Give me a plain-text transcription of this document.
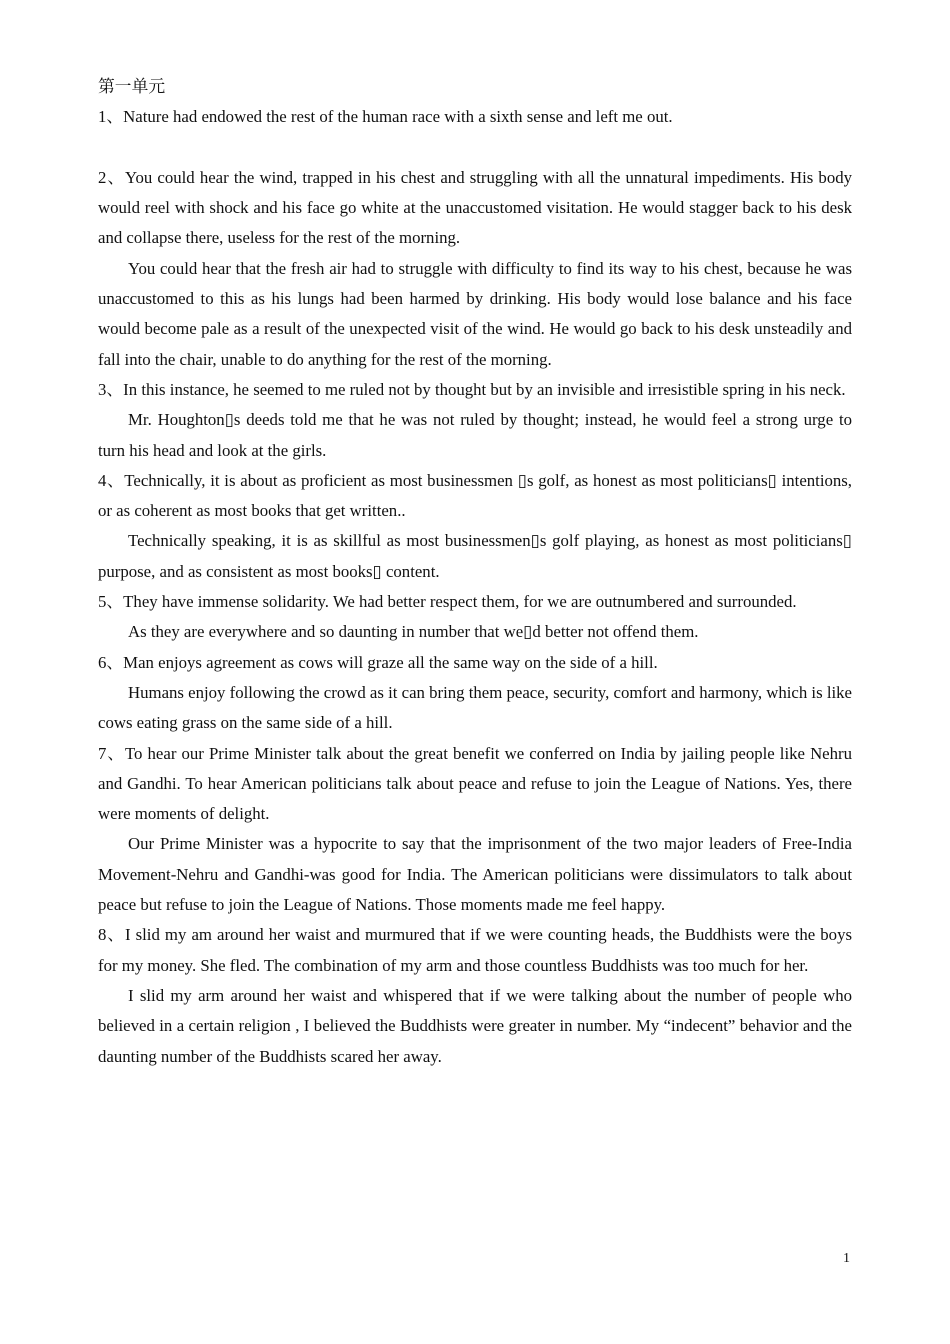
第一单元

1、Nature had endowed the rest of the human race with a sixth sense and left me out.

2、You could hear the wind, trapped in his chest and struggling with all the unnatural impediments. His body would reel with shock and his face go white at the unaccustomed visitation. He would stagger back to his desk and collapse there, useless for the rest of the morning.

You could hear that the fresh air had to struggle with difficulty to find its way to his chest, because he was unaccustomed to this as his lungs had been harmed by drinking. His body would lose balance and his face would become pale as a result of the unexpected visit of the wind. He would go back to his desk unsteadily and fall into the chair, unable to do anything for the rest of the morning.

3、In this instance, he seemed to me ruled not by thought but by an invisible and irresistible spring in his neck.

Mr. Houghton▯s deeds told me that he was not ruled by thought; instead, he would feel a strong urge to turn his head and look at the girls.

4、Technically, it is about as proficient as most businessmen ▯s golf, as honest as most politicians▯ intentions, or as coherent as most books that get written..

Technically speaking, it is as skillful as most businessmen▯s golf playing, as honest as most politicians▯ purpose, and as consistent as most books▯ content.

5、They have immense solidarity. We had better respect them, for we are outnumbered and surrounded.

As they are everywhere and so daunting in number that we▯d better not offend them.

6、Man enjoys agreement as cows will graze all the same way on the side of a hill.

Humans enjoy following the crowd as it can bring them peace, security, comfort and harmony, which is like cows eating grass on the same side of a hill.

7、To hear our Prime Minister talk about the great benefit we conferred on India by jailing people like Nehru and Gandhi. To hear American politicians talk about peace and refuse to join the League of Nations. Yes, there were moments of delight.

Our Prime Minister was a hypocrite to say that the imprisonment of the two major leaders of Free-India Movement-Nehru and Gandhi-was good for India. The American politicians were dissimulators to talk about peace but refuse to join the League of Nations. Those moments made me feel happy.

8、I slid my am around her waist and murmured that if we were counting heads, the Buddhists were the boys for my money. She fled. The combination of my arm and those countless Buddhists was too much for her.

I slid my arm around her waist and whispered that if we were talking about the number of people who believed in a certain religion , I believed the Buddhists were greater in number. My “indecent” behavior and the daunting number of the Buddhists scared her away.

1
